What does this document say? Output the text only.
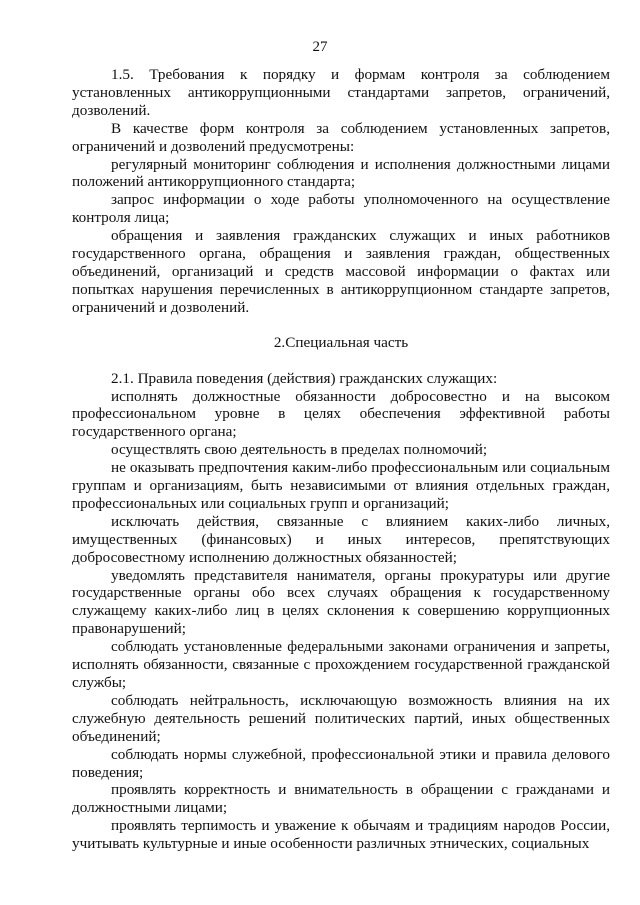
27

1.5. Требования к порядку и формам контроля за соблюдением установленных антикоррупционными стандартами запретов, ограничений, дозволений.

В качестве форм контроля за соблюдением установленных запретов, ограничений и дозволений предусмотрены:

регулярный мониторинг соблюдения и исполнения должностными лицами положений антикоррупционного стандарта;

запрос информации о ходе работы уполномоченного на осуществление контроля лица;

обращения и заявления гражданских служащих и иных работников государственного органа, обращения и заявления граждан, общественных объединений, организаций и средств массовой информации о фактах или попытках нарушения перечисленных в антикоррупционном стандарте запретов, ограничений и дозволений.

2.Специальная часть

2.1. Правила поведения (действия) гражданских служащих:

исполнять должностные обязанности добросовестно и на высоком профессиональном уровне в целях обеспечения эффективной работы государственного органа;

осуществлять свою деятельность в пределах полномочий;

не оказывать предпочтения каким-либо профессиональным или социальным группам и организациям, быть независимыми от влияния отдельных граждан, профессиональных или социальных групп и организаций;

исключать действия, связанные с влиянием каких-либо личных, имущественных (финансовых) и иных интересов, препятствующих добросовестному исполнению должностных обязанностей;

уведомлять представителя нанимателя, органы прокуратуры или другие государственные органы обо всех случаях обращения к государственному служащему каких-либо лиц в целях склонения к совершению коррупционных правонарушений;

соблюдать установленные федеральными законами ограничения и запреты, исполнять обязанности, связанные с прохождением государственной гражданской службы;

соблюдать нейтральность, исключающую возможность влияния на их служебную деятельность решений политических партий, иных общественных объединений;

соблюдать нормы служебной, профессиональной этики и правила делового поведения;

проявлять корректность и внимательность в обращении с гражданами и должностными лицами;

проявлять терпимость и уважение к обычаям и традициям народов России, учитывать культурные и иные особенности различных этнических, социальных
